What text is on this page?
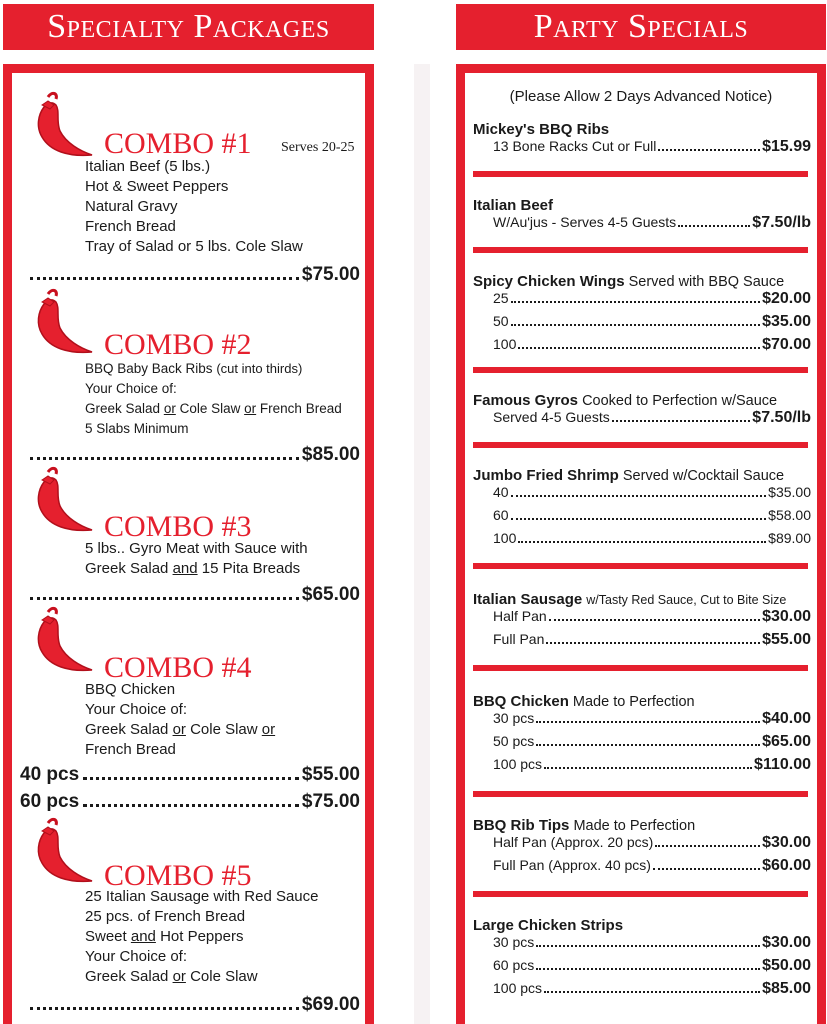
Specialty Packages	Party Specials
COMBO #1 Serves 20-25
Italian Beef (5 lbs.)
Hot & Sweet Peppers
Natural Gravy
French Bread
Tray of Salad or 5 lbs. Cole Slaw
$75.00
COMBO #2
BBQ Baby Back Ribs (cut into thirds)
Your Choice of:
Greek Salad or Cole Slaw or French Bread
5 Slabs Minimum
$85.00
COMBO #3
5 lbs.. Gyro Meat with Sauce with
Greek Salad and 15 Pita Breads
$65.00
COMBO #4
BBQ Chicken
Your Choice of:
Greek Salad or Cole Slaw or
French Bread
40 pcs	$55.00
60 pcs	$75.00
COMBO #5
25 Italian Sausage with Red Sauce
25 pcs. of French Bread
Sweet and Hot Peppers
Your Choice of:
Greek Salad or Cole Slaw
$69.00
(Please Allow 2 Days Advanced Notice)
Mickey's BBQ Ribs
13 Bone Racks Cut or Full	$15.99
Italian Beef
W/Au'jus - Serves 4-5 Guests	$7.50/lb
Spicy Chicken Wings Served with BBQ Sauce
25	$20.00
50	$35.00
100	$70.00
Famous Gyros Cooked to Perfection w/Sauce
Served 4-5 Guests	$7.50/lb
Jumbo Fried Shrimp Served w/Cocktail Sauce
40	$35.00
60	$58.00
100	$89.00
Italian Sausage w/Tasty Red Sauce, Cut to Bite Size
Half Pan	$30.00
Full Pan	$55.00
BBQ Chicken Made to Perfection
30 pcs	$40.00
50 pcs	$65.00
100 pcs	$110.00
BBQ Rib Tips Made to Perfection
Half Pan (Approx. 20 pcs)	$30.00
Full Pan (Approx. 40 pcs)	$60.00
Large Chicken Strips
30 pcs	$30.00
60 pcs	$50.00
100 pcs	$85.00
